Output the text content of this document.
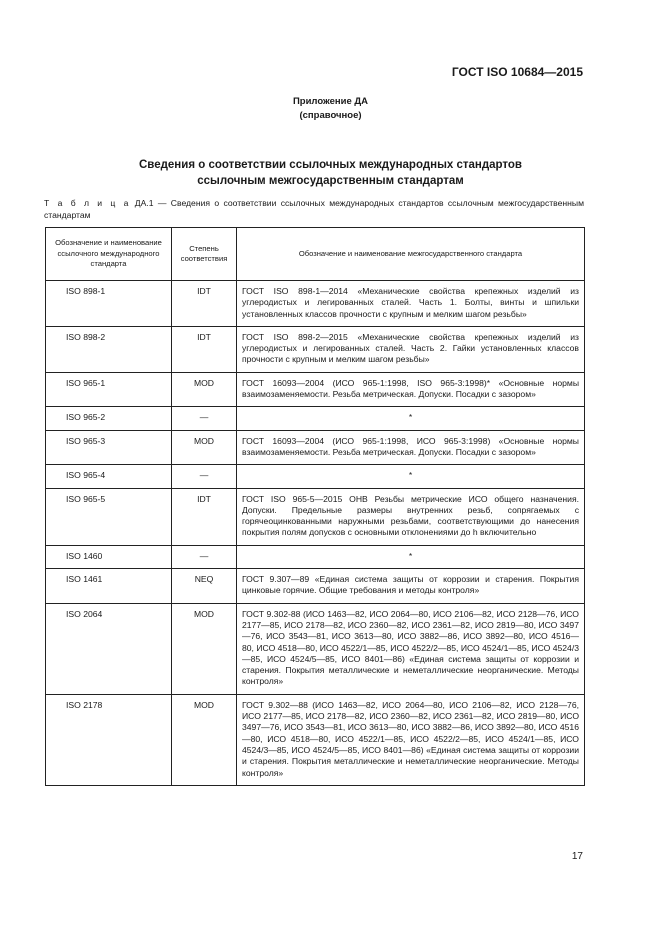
ГОСТ ISO 10684—2015
Приложение ДА
(справочное)
Сведения о соответствии ссылочных международных стандартов
ссылочным межгосударственным стандартам
Т а б л и ц а ДА.1 — Сведения о соответствии ссылочных международных стандартов ссылочным межгосударственным стандартам
Обозначение и наименование ссылочного международного стандарта	Степень соответствия	Обозначение и наименование межгосударственного стандарта
ISO 898-1	IDT	ГОСТ ISO 898-1—2014 «Механические свойства крепежных изделий из углеродистых и легированных сталей. Часть 1. Болты, винты и шпильки установленных классов прочности с крупным и мелким шагом резьбы»
ISO 898-2	IDT	ГОСТ ISO 898-2—2015 «Механические свойства крепежных изделий из углеродистых и легированных сталей. Часть 2. Гайки установленных классов прочности с крупным и мелким шагом резьбы»
ISO 965-1	MOD	ГОСТ 16093—2004 (ИСО 965-1:1998, ISO 965-3:1998)* «Основные нормы взаимозаменяемости. Резьба метрическая. Допуски. Посадки с зазором»
ISO 965-2	—	*
ISO 965-3	MOD	ГОСТ 16093—2004 (ИСО 965-1:1998, ИСО 965-3:1998) «Основные нормы взаимозаменяемости. Резьба метрическая. Допуски. Посадки с зазором»
ISO 965-4	—	*
ISO 965-5	IDT	ГОСТ ISO 965-5—2015 ОНВ Резьбы метрические ИСО общего назначения. Допуски. Предельные размеры внутренних резьб, сопрягаемых с горячеоцинкованными наружными резьбами, соответствующими до нанесения покрытия полям допусков с основными отклонениями до h включительно
ISO 1460	—	*
ISO 1461	NEQ	ГОСТ 9.307—89 «Единая система защиты от коррозии и старения. Покрытия цинковые горячие. Общие требования и методы контроля»
ISO 2064	MOD	ГОСТ 9.302-88 (ИСО 1463—82, ИСО 2064—80, ИСО 2106—82, ИСО 2128—76, ИСО 2177—85, ИСО 2178—82, ИСО 2360—82, ИСО 2361—82, ИСО 2819—80, ИСО 3497—76, ИСО 3543—81, ИСО 3613—80, ИСО 3882—86, ИСО 3892—80, ИСО 4516—80, ИСО 4518—80, ИСО 4522/1—85, ИСО 4522/2—85, ИСО 4524/1—85, ИСО 4524/3—85, ИСО 4524/5—85, ИСО 8401—86) «Единая система защиты от коррозии и старения. Покрытия металлические и неметаллические неорганические. Методы контроля»
ISO 2178	MOD	ГОСТ 9.302—88 (ИСО 1463—82, ИСО 2064—80, ИСО 2106—82, ИСО 2128—76, ИСО 2177—85, ИСО 2178—82, ИСО 2360—82, ИСО 2361—82, ИСО 2819—80, ИСО 3497—76, ИСО 3543—81, ИСО 3613—80, ИСО 3882—86, ИСО 3892—80, ИСО 4516—80, ИСО 4518—80, ИСО 4522/1—85, ИСО 4522/2—85, ИСО 4524/1—85, ИСО 4524/3—85, ИСО 4524/5—85, ИСО 8401—86) «Единая система защиты от коррозии и старения. Покрытия металлические и неметаллические неорганические. Методы контроля»
17
